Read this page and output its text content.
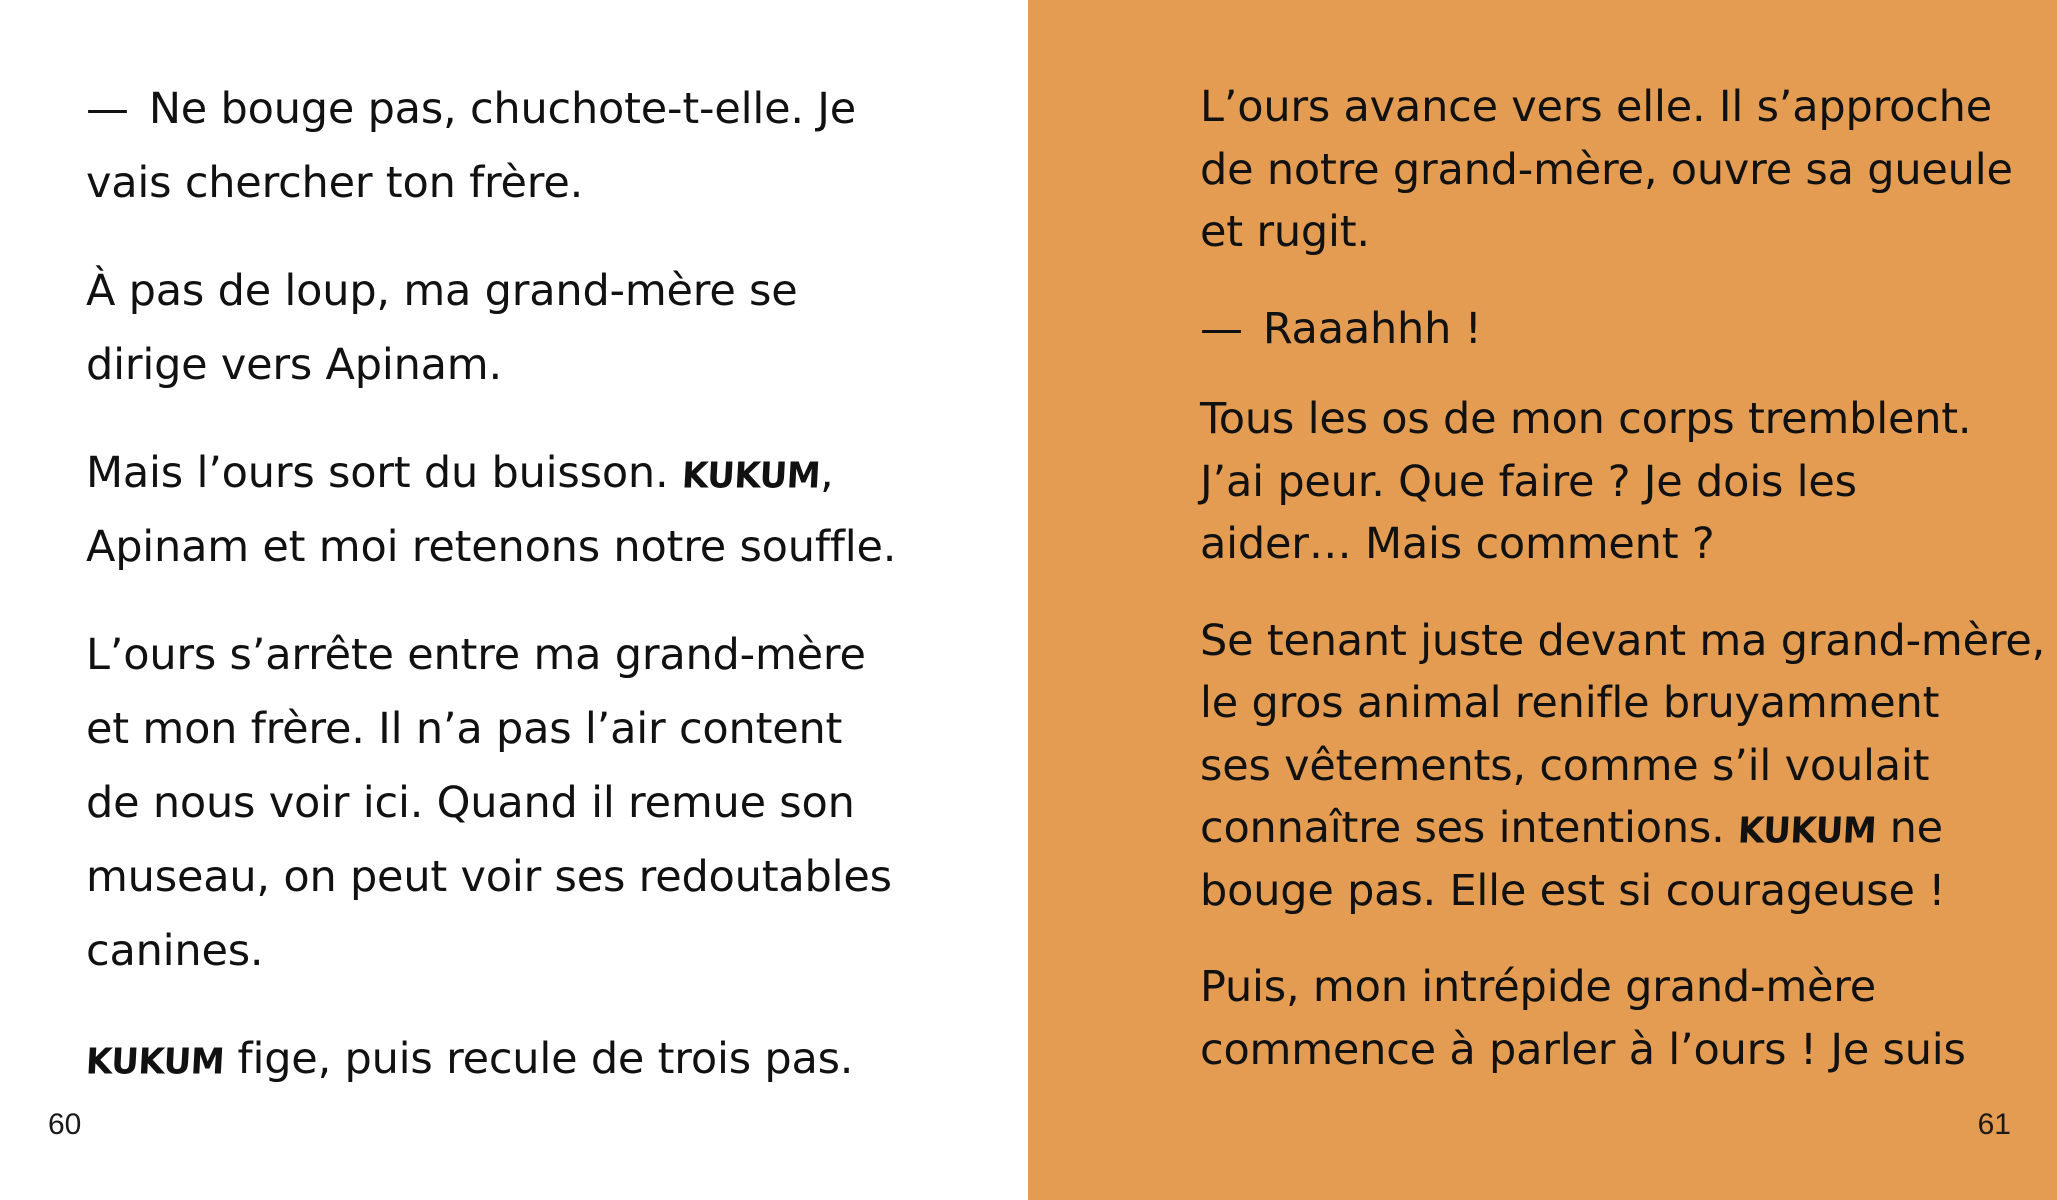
— Ne bouge pas, chuchote-t-elle. Je
vais chercher ton frère.
À pas de loup, ma grand-mère se
dirige vers Apinam.
Mais l’ours sort du buisson. KUKUM,
Apinam et moi retenons notre souffle.
L’ours s’arrête entre ma grand-mère
et mon frère. Il n’a pas l’air content
de nous voir ici. Quand il remue son
museau, on peut voir ses redoutables
canines.
KUKUM fige, puis recule de trois pas.
60
L’ours avance vers elle. Il s’approche
de notre grand-mère, ouvre sa gueule
et rugit.
— Raaahhh !
Tous les os de mon corps tremblent.
J’ai peur. Que faire ? Je dois les
aider… Mais comment ?
Se tenant juste devant ma grand-mère,
le gros animal renifle bruyamment
ses vêtements, comme s’il voulait
connaître ses intentions. KUKUM ne
bouge pas. Elle est si courageuse !
Puis, mon intrépide grand-mère
commence à parler à l’ours ! Je suis
61
